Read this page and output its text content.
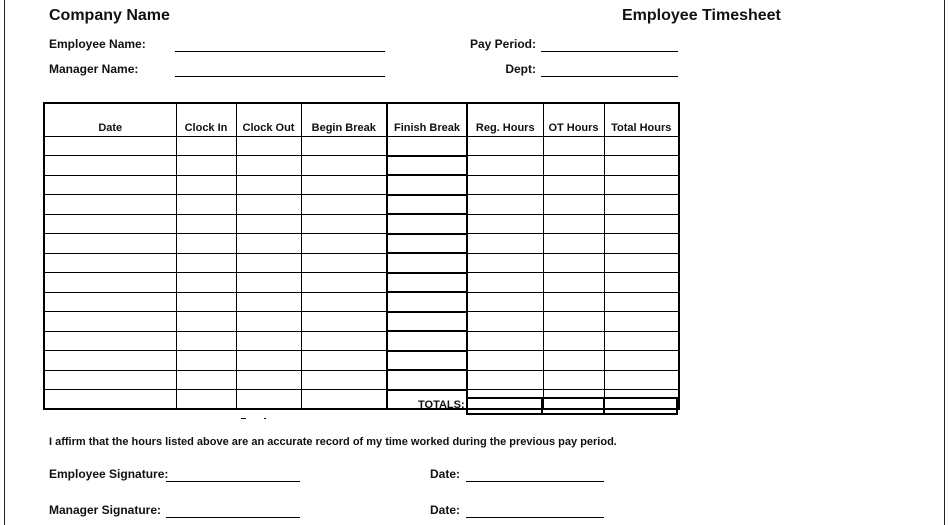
Company Name	Employee Timesheet
Employee Name:
Manager Name:
Pay Period:
Dept:
Date	Clock In	Clock Out	Begin Break	Finish Break	Reg. Hours	OT Hours	Total Hours

TOTALS:
I affirm that the hours listed above are an accurate record of my time worked during the previous pay period.
Employee Signature:	Date:
Manager Signature:	Date:
